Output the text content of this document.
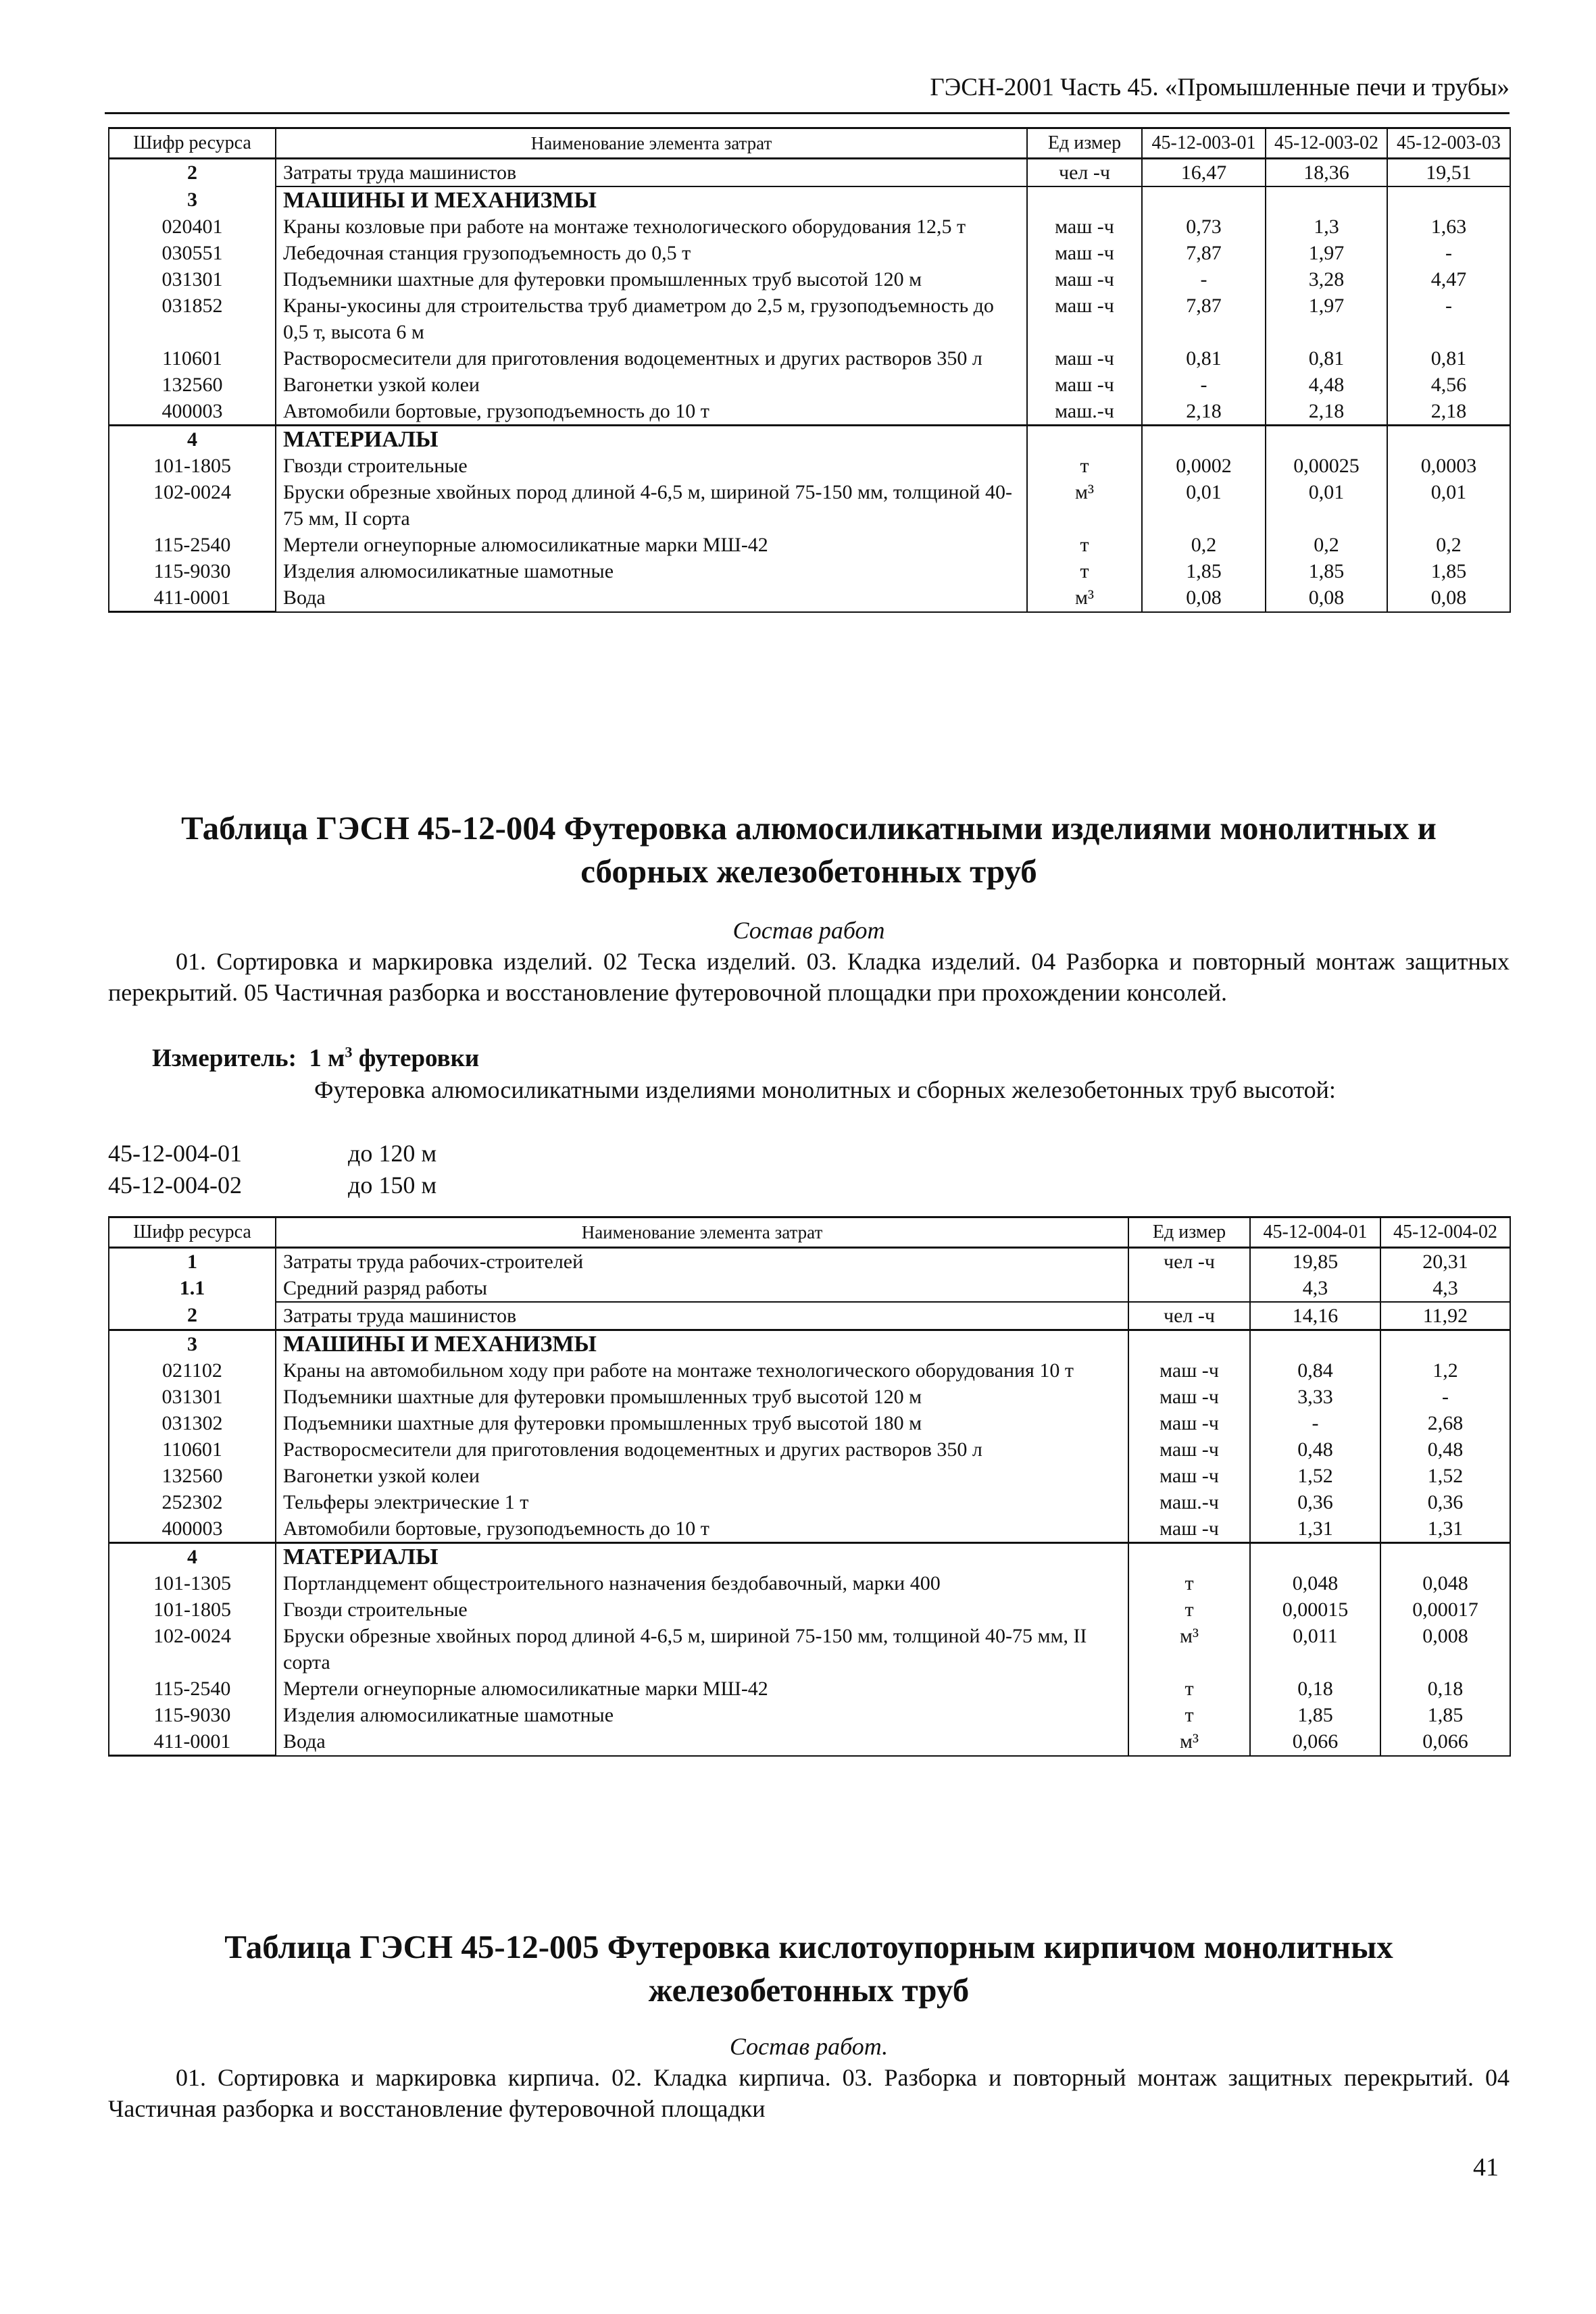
ГЭСН-2001 Часть 45. «Промышленные печи и трубы»
Шифр ресурса	Наименование элемента затрат	Ед измер	45-12-003-01	45-12-003-02	45-12-003-03
2	Затраты труда машинистов	чел -ч	16,47	18,36	19,51
3	МАШИНЫ И МЕХАНИЗМЫ				
020401	Краны козловые при работе на монтаже технологического оборудования 12,5 т	маш -ч	0,73	1,3	1,63
030551	Лебедочная станция грузоподъемность до 0,5 т	маш -ч	7,87	1,97	-
031301	Подъемники шахтные для футеровки промышленных труб высотой 120 м	маш -ч	-	3,28	4,47
031852	Краны-укосины для строительства труб диаметром до 2,5 м, грузоподъемность до 0,5 т, высота 6 м	маш -ч	7,87	1,97	-
110601	Растворосмесители для приготовления водоцементных и других растворов 350 л	маш -ч	0,81	0,81	0,81
132560	Вагонетки узкой колеи	маш -ч	-	4,48	4,56
400003	Автомобили бортовые, грузоподъемность до 10 т	маш.-ч	2,18	2,18	2,18
4	МАТЕРИАЛЫ				
101-1805	Гвозди строительные	т	0,0002	0,00025	0,0003
102-0024	Бруски обрезные хвойных пород длиной 4-6,5 м, шириной 75-150 мм, толщиной 40-75 мм, II сорта	м³	0,01	0,01	0,01
115-2540	Мертели огнеупорные алюмосиликатные марки МШ-42	т	0,2	0,2	0,2
115-9030	Изделия алюмосиликатные шамотные	т	1,85	1,85	1,85
411-0001	Вода	м³	0,08	0,08	0,08
Таблица ГЭСН 45-12-004 Футеровка алюмосиликатными изделиями монолитных и сборных железобетонных труб
Состав работ
01. Сортировка и маркировка изделий. 02 Теска изделий. 03. Кладка изделий. 04 Разборка и повторный монтаж защитных перекрытий. 05 Частичная разборка и восстановление футеровочной площадки при прохождении консолей.
Измеритель:  1 $м^3$ футеровки
Футеровка алюмосиликатными изделиями монолитных и сборных железобетонных труб высотой:
45-12-004-01	до 120 м
45-12-004-02	до 150 м
Шифр ресурса	Наименование элемента затрат	Ед измер	45-12-004-01	45-12-004-02
1	Затраты труда рабочих-строителей	чел -ч	19,85	20,31
1.1	Средний разряд работы		4,3	4,3
2	Затраты труда машинистов	чел -ч	14,16	11,92
3	МАШИНЫ И МЕХАНИЗМЫ			
021102	Краны на автомобильном ходу при работе на монтаже технологического оборудования 10 т	маш -ч	0,84	1,2
031301	Подъемники шахтные для футеровки промышленных труб высотой 120 м	маш -ч	3,33	-
031302	Подъемники шахтные для футеровки промышленных труб высотой 180 м	маш -ч	-	2,68
110601	Растворосмесители для приготовления водоцементных и других растворов 350 л	маш -ч	0,48	0,48
132560	Вагонетки узкой колеи	маш -ч	1,52	1,52
252302	Тельферы электрические 1 т	маш.-ч	0,36	0,36
400003	Автомобили бортовые, грузоподъемность до 10 т	маш -ч	1,31	1,31
4	МАТЕРИАЛЫ			
101-1305	Портландцемент общестроительного назначения бездобавочный, марки 400	т	0,048	0,048
101-1805	Гвозди строительные	т	0,00015	0,00017
102-0024	Бруски обрезные хвойных пород длиной 4-6,5 м, шириной 75-150 мм, толщиной 40-75 мм, II сорта	м³	0,011	0,008
115-2540	Мертели огнеупорные алюмосиликатные марки МШ-42	т	0,18	0,18
115-9030	Изделия алюмосиликатные шамотные	т	1,85	1,85
411-0001	Вода	м³	0,066	0,066
Таблица ГЭСН 45-12-005 Футеровка кислотоупорным кирпичом монолитных железобетонных труб
Состав работ.
01. Сортировка и маркировка кирпича. 02. Кладка кирпича. 03. Разборка и повторный монтаж защитных перекрытий. 04 Частичная разборка и восстановление футеровочной площадки
41
